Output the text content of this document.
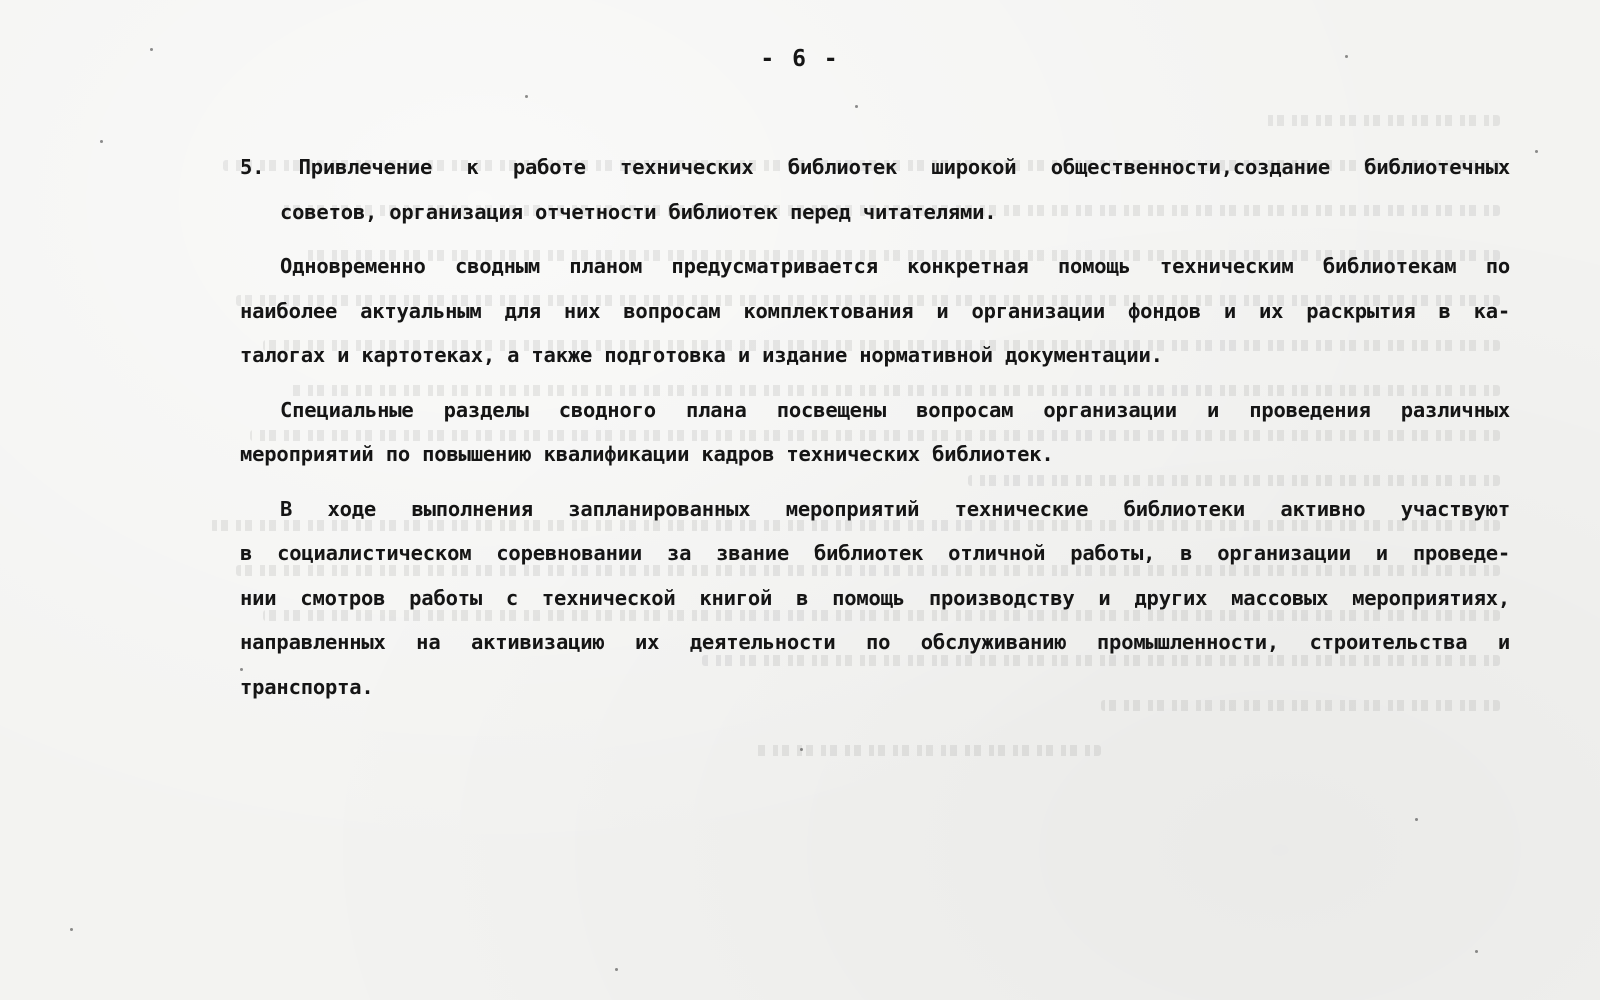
- 6 -
5. Привлечение к работе технических библиотек широкой общественности,создание библиотечных
советов, организация отчетности библиотек перед читателями.
Одновременно сводным планом предусматривается конкретная помощь техническим библиотекам по
наиболее актуальным для них вопросам комплектования и организации фондов и их раскрытия в ка-
талогах и картотеках, а также подготовка и издание нормативной документации.
Специальные разделы сводного плана посвещены вопросам организации и проведения различных
мероприятий по повышению квалификации кадров технических библиотек.
В ходе выполнения запланированных мероприятий технические библиотеки активно участвуют
в социалистическом соревновании за звание библиотек отличной работы, в организации и проведе-
нии смотров работы с технической книгой в помощь производству и других массовых мероприятиях,
направленных на активизацию их деятельности по обслуживанию промышленности, строительства и
транспорта.
